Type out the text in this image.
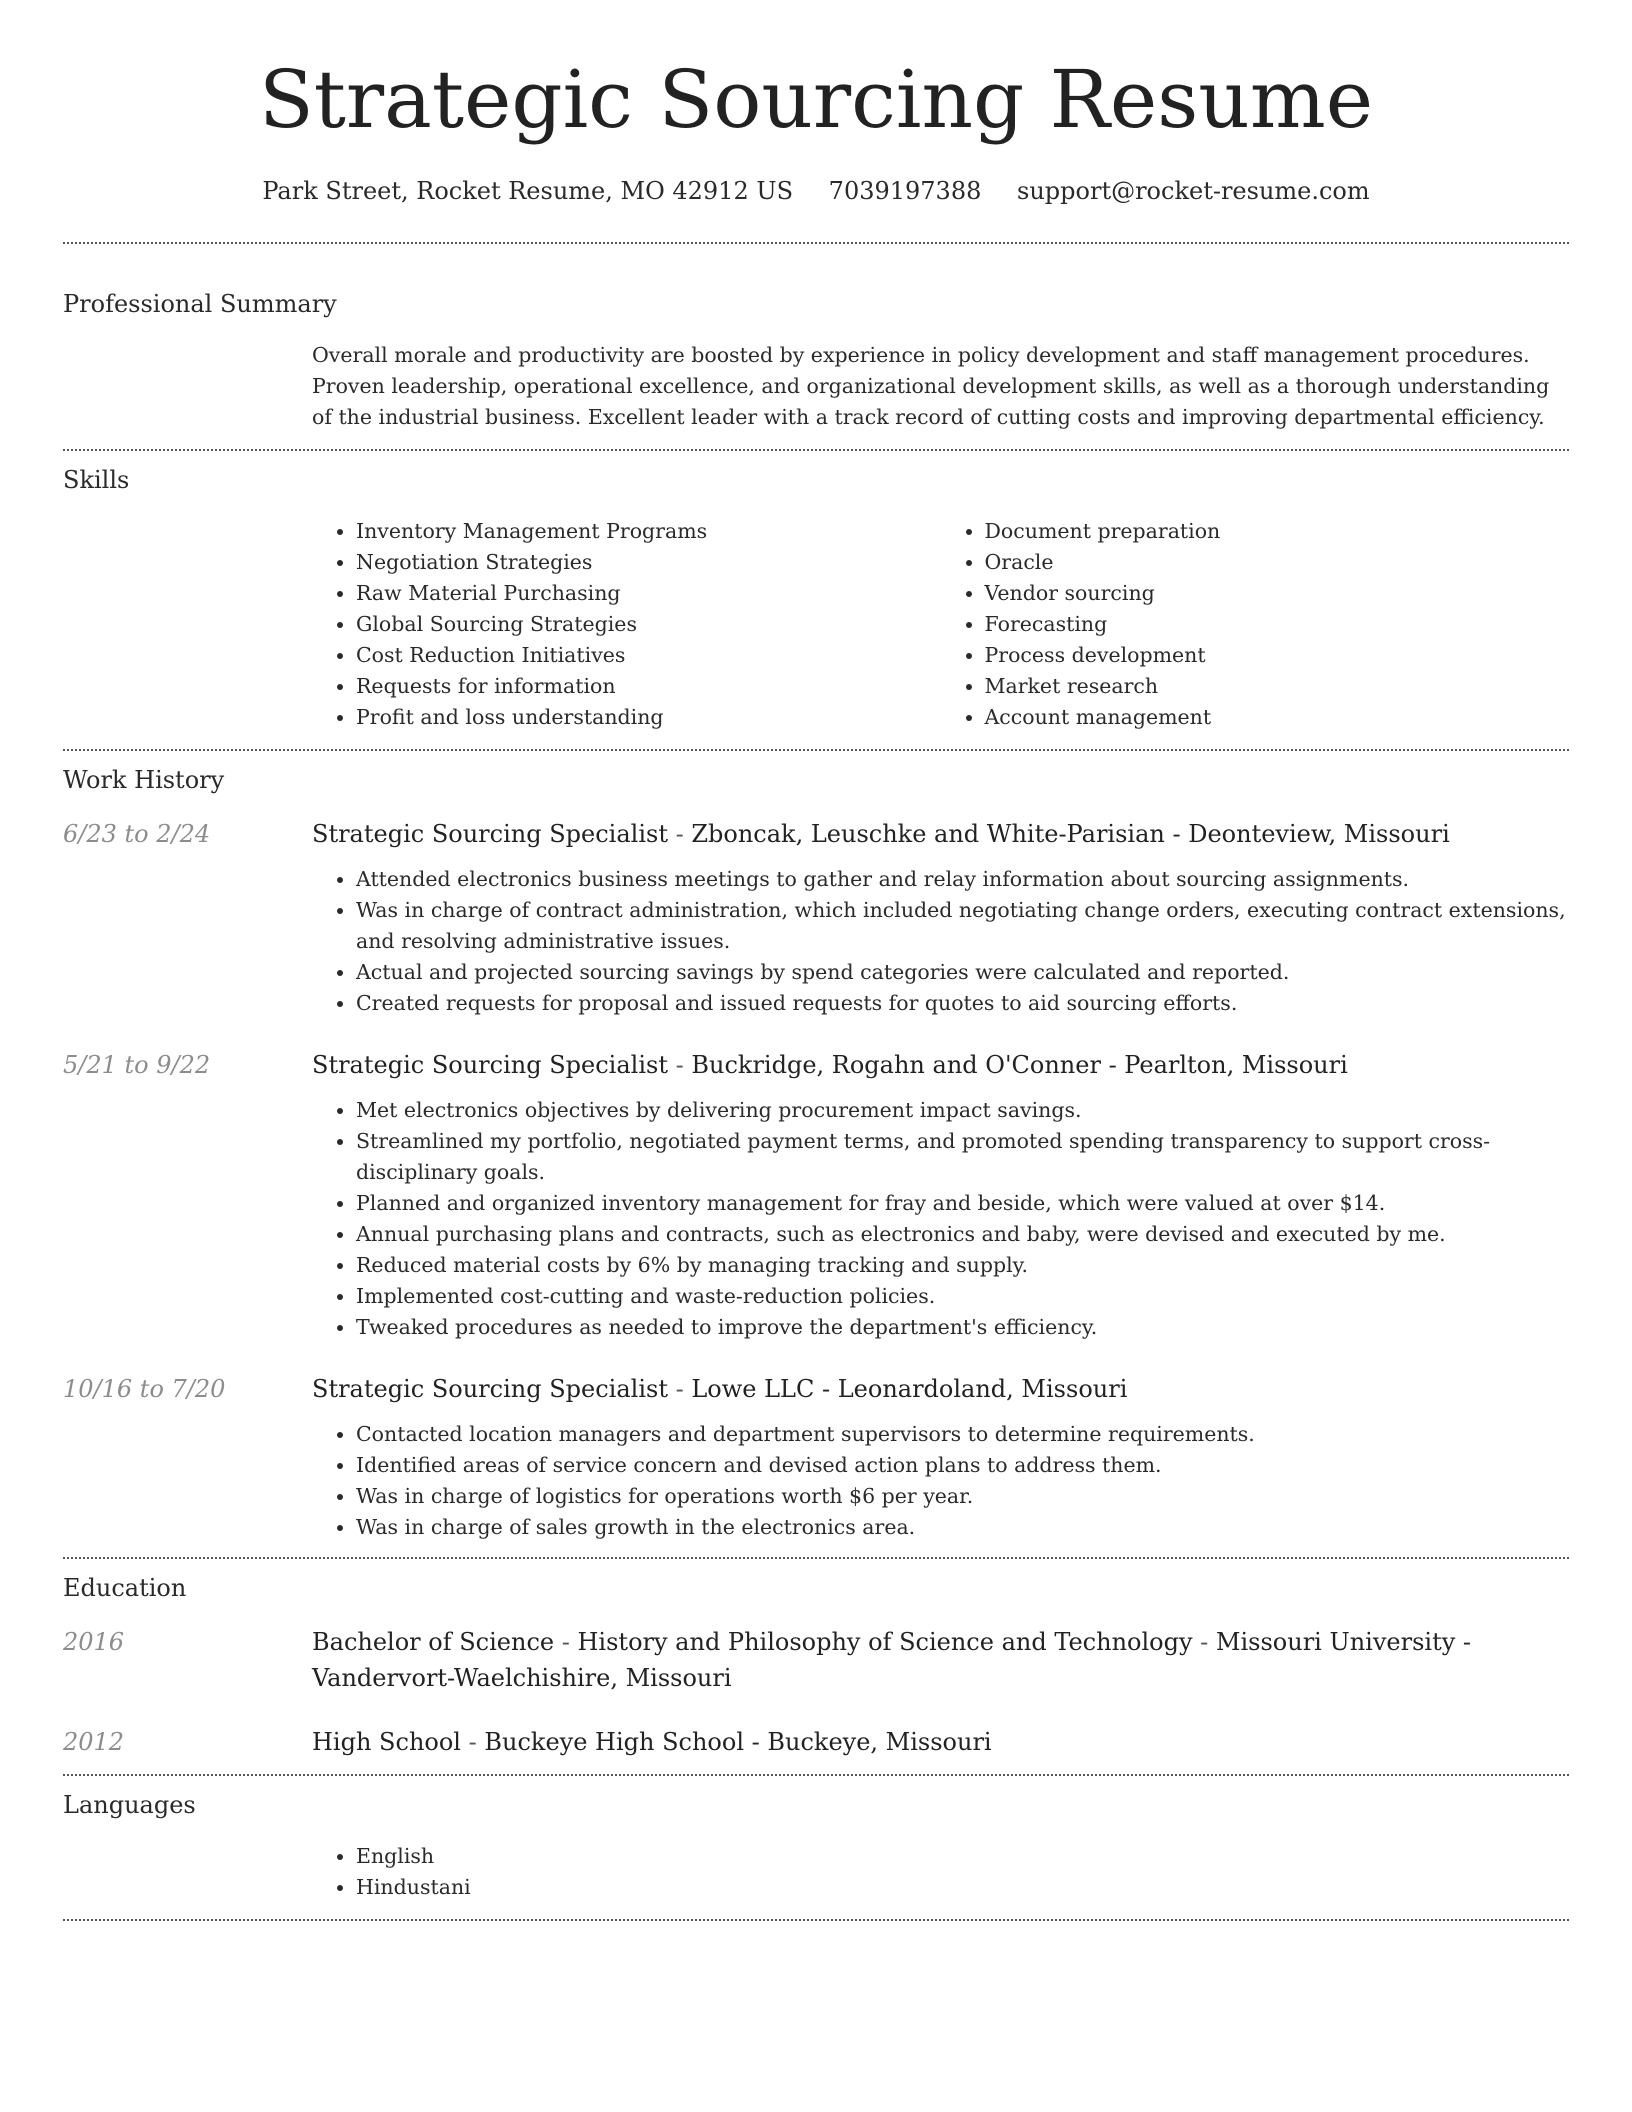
Strategic Sourcing Resume
Park Street, Rocket Resume, MO 42912 US 7039197388 support@rocket-resume.com
Professional Summary
Overall morale and productivity are boosted by experience in policy development and staff management procedures. Proven leadership, operational excellence, and organizational development skills, as well as a thorough understanding of the industrial business. Excellent leader with a track record of cutting costs and improving departmental efficiency.
Skills
• Inventory Management Programs
• Negotiation Strategies
• Raw Material Purchasing
• Global Sourcing Strategies
• Cost Reduction Initiatives
• Requests for information
• Profit and loss understanding
• Document preparation
• Oracle
• Vendor sourcing
• Forecasting
• Process development
• Market research
• Account management
Work History
6/23 to 2/24	Strategic Sourcing Specialist - Zboncak, Leuschke and White-Parisian - Deonteview, Missouri
• Attended electronics business meetings to gather and relay information about sourcing assignments.
• Was in charge of contract administration, which included negotiating change orders, executing contract extensions, and resolving administrative issues.
• Actual and projected sourcing savings by spend categories were calculated and reported.
• Created requests for proposal and issued requests for quotes to aid sourcing efforts.
5/21 to 9/22	Strategic Sourcing Specialist - Buckridge, Rogahn and O'Conner - Pearlton, Missouri
• Met electronics objectives by delivering procurement impact savings.
• Streamlined my portfolio, negotiated payment terms, and promoted spending transparency to support cross-disciplinary goals.
• Planned and organized inventory management for fray and beside, which were valued at over $14.
• Annual purchasing plans and contracts, such as electronics and baby, were devised and executed by me.
• Reduced material costs by 6% by managing tracking and supply.
• Implemented cost-cutting and waste-reduction policies.
• Tweaked procedures as needed to improve the department's efficiency.
10/16 to 7/20	Strategic Sourcing Specialist - Lowe LLC - Leonardoland, Missouri
• Contacted location managers and department supervisors to determine requirements.
• Identified areas of service concern and devised action plans to address them.
• Was in charge of logistics for operations worth $6 per year.
• Was in charge of sales growth in the electronics area.
Education
2016	Bachelor of Science - History and Philosophy of Science and Technology - Missouri University - Vandervort-Waelchishire, Missouri
2012	High School - Buckeye High School - Buckeye, Missouri
Languages
• English
• Hindustani
